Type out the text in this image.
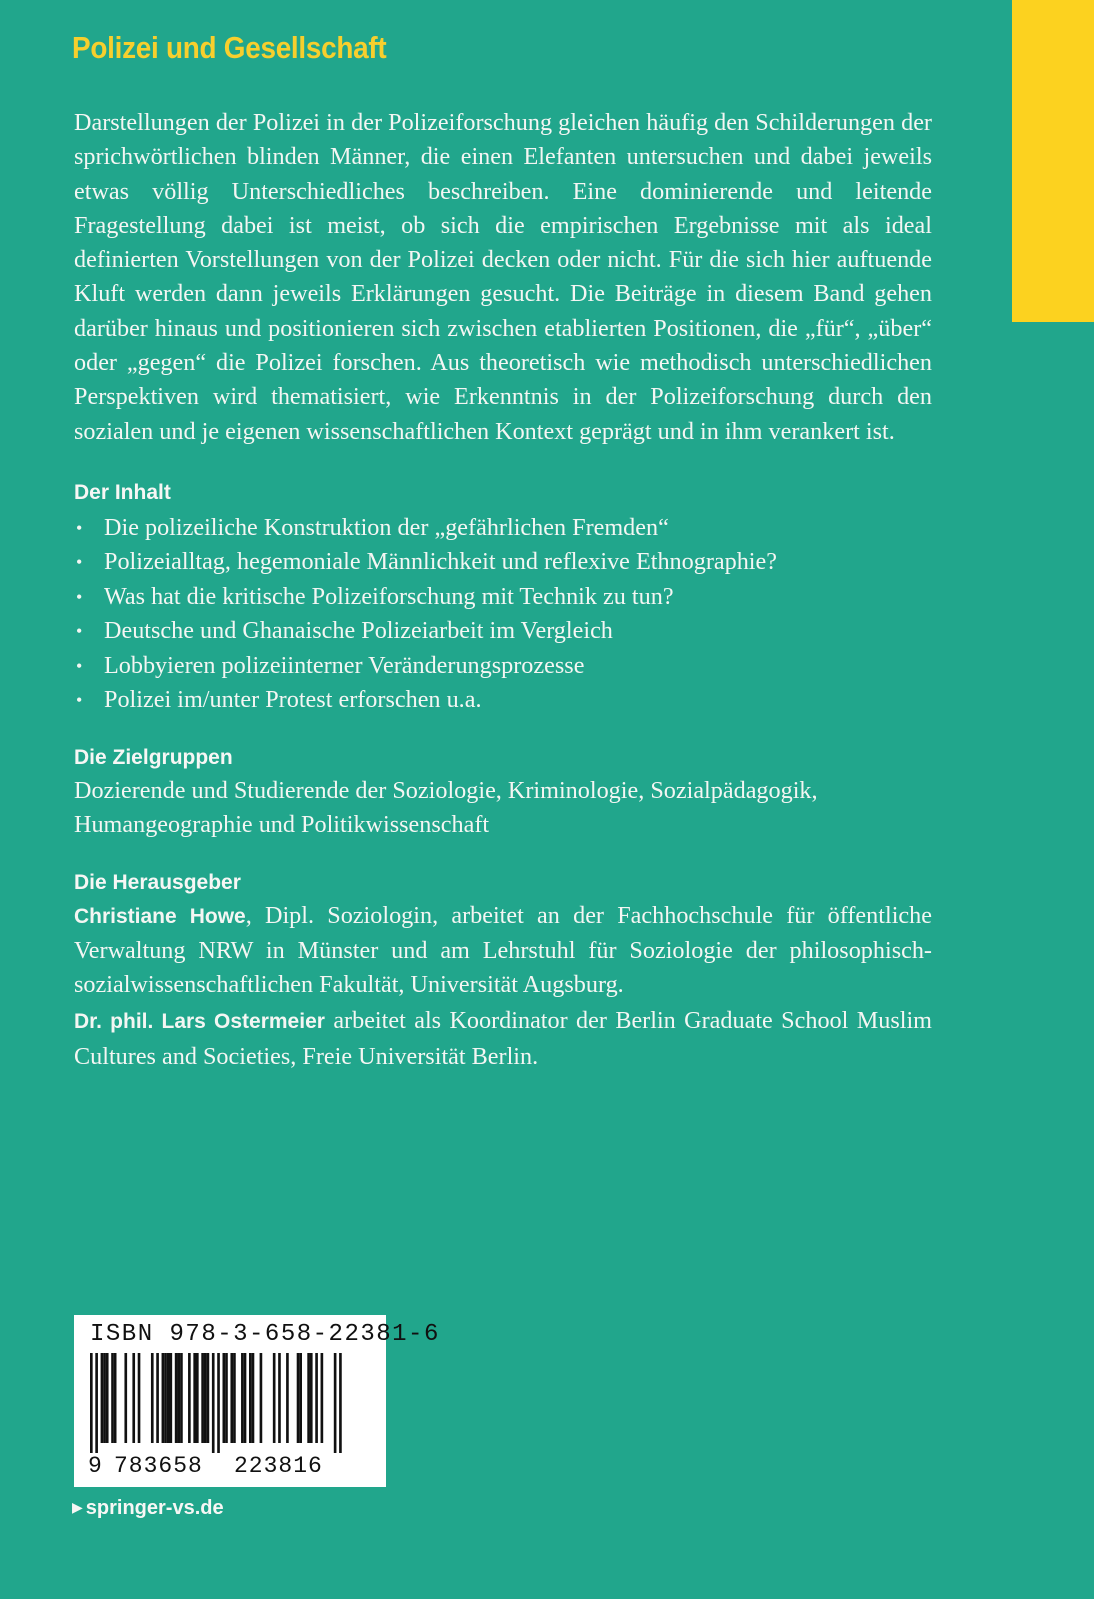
Polizei und Gesellschaft

Darstellungen der Polizei in der Polizeiforschung gleichen häufig den Schilderungen der sprichwörtlichen blinden Männer, die einen Elefanten untersuchen und dabei jeweils etwas völlig Unterschiedliches beschreiben. Eine dominierende und leitende Fragestellung dabei ist meist, ob sich die empirischen Ergebnisse mit als ideal definierten Vorstellungen von der Polizei decken oder nicht. Für die sich hier auftuende Kluft werden dann jeweils Erklärungen gesucht. Die Beiträge in diesem Band gehen darüber hinaus und positionieren sich zwischen etablierten Positionen, die „für“, „über“ oder „gegen“ die Polizei forschen. Aus theoretisch wie methodisch unterschiedlichen Perspektiven wird thematisiert, wie Erkenntnis in der Polizeiforschung durch den sozialen und je eigenen wissenschaftlichen Kontext geprägt und in ihm verankert ist.

Der Inhalt
• Die polizeiliche Konstruktion der „gefährlichen Fremden“
• Polizeialltag, hegemoniale Männlichkeit und reflexive Ethnographie?
• Was hat die kritische Polizeiforschung mit Technik zu tun?
• Deutsche und Ghanaische Polizeiarbeit im Vergleich
• Lobbyieren polizeiinterner Veränderungsprozesse
• Polizei im/unter Protest erforschen u.a.
Die Zielgruppen

Dozierende und Studierende der Soziologie, Kriminologie, Sozialpädagogik, Humangeographie und Politikwissenschaft

Die Herausgeber

Christiane Howe, Dipl. Soziologin, arbeitet an der Fachhochschule für öffentliche Verwaltung NRW in Münster und am Lehrstuhl für Soziologie der philosophisch-sozialwissenschaftlichen Fakultät, Universität Augsburg.

Dr. phil. Lars Ostermeier arbeitet als Koordinator der Berlin Graduate School Muslim Cultures and Societies, Freie Universität Berlin.

ISBN 978-3-658-22381-6
9 783658 223816
▶ springer-vs.de
